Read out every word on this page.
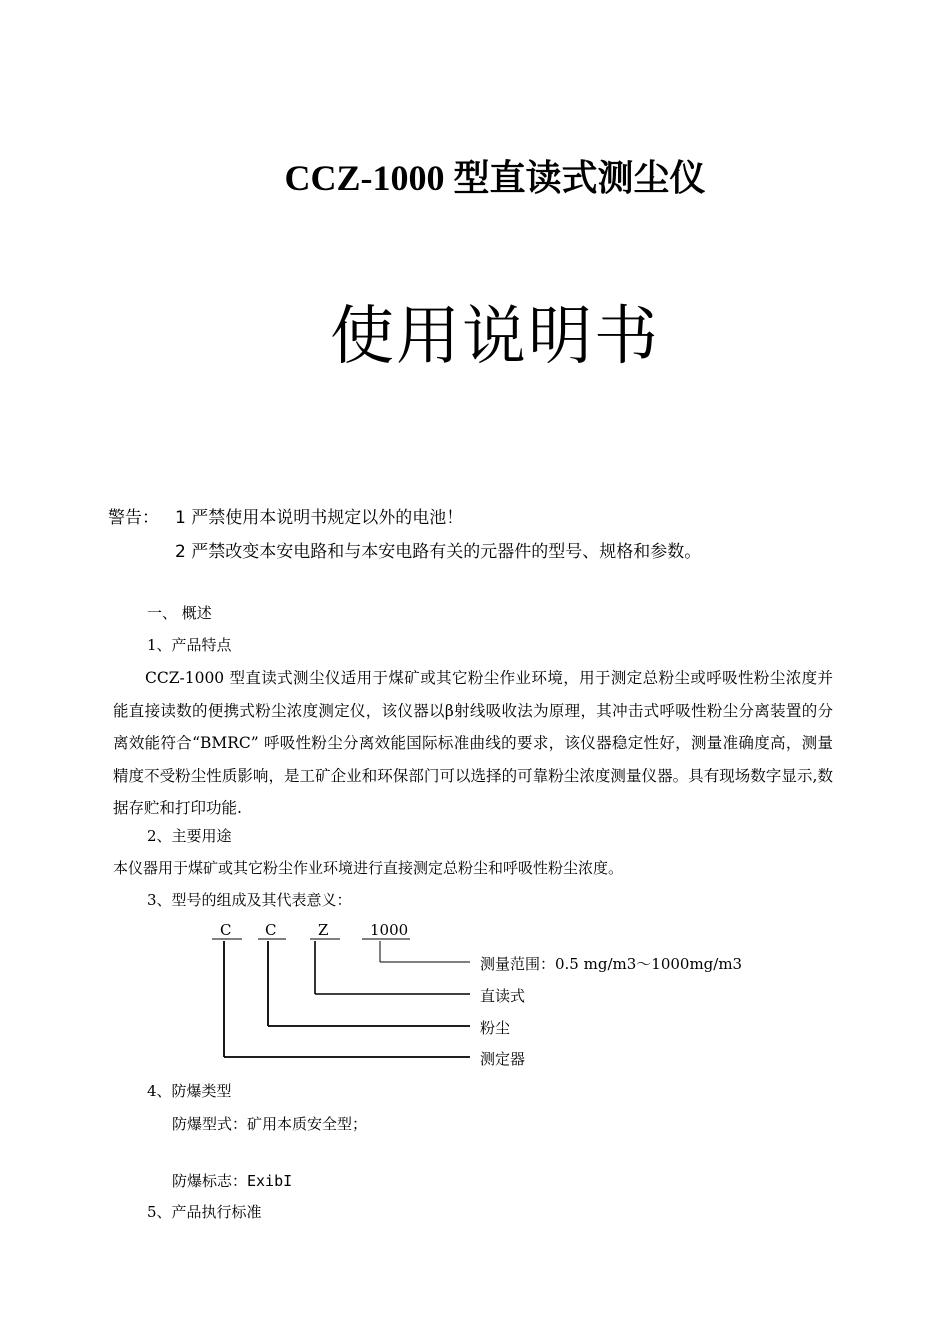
CCZ-1000 型直读式测尘仪
使用说明书
警告： 1 严禁使用本说明书规定以外的电池！
2 严禁改变本安电路和与本安电路有关的元器件的型号、规格和参数。
一、 概述
1、产品特点
CCZ-1000 型直读式测尘仪适用于煤矿或其它粉尘作业环境，用于测定总粉尘或呼吸性粉尘浓度并能直接读数的便携式粉尘浓度测定仪，该仪器以β射线吸收法为原理，其冲击式呼吸性粉尘分离装置的分离效能符合“BMRC” 呼吸性粉尘分离效能国际标准曲线的要求，该仪器稳定性好，测量准确度高，测量精度不受粉尘性质影响，是工矿企业和环保部门可以选择的可靠粉尘浓度测量仪器。具有现场数字显示,数据存贮和打印功能.
2、主要用途
本仪器用于煤矿或其它粉尘作业环境进行直接测定总粉尘和呼吸性粉尘浓度。
3、型号的组成及其代表意义：
C C	Z	1000
测量范围：0.5 mg/m3～1000mg/m3
直读式
粉尘
测定器
4、防爆类型
防爆型式：矿用本质安全型；
防爆标志：ExibI
5、产品执行标准
